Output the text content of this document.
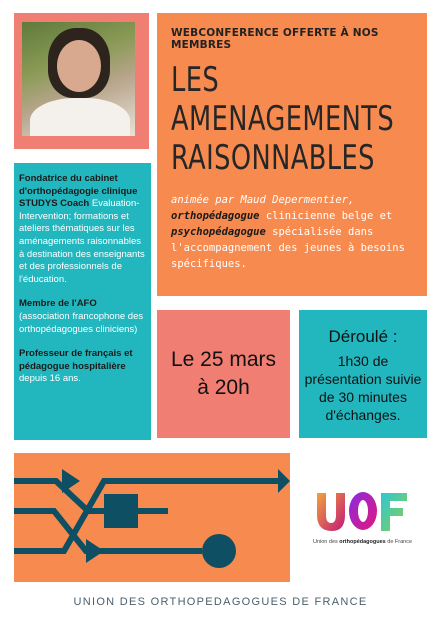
WEBCONFERENCE OFFERTE À NOS MEMBRES
LES
AMENAGEMENTS
RAISONNABLES
animée par Maud Depermentier, orthopédagogue clinicienne belge et psychopédagogue spécialisée dans l'accompagnement des jeunes à besoins spécifiques.

Fondatrice du cabinet d'orthopédagogie clinique STUDYS Coach Evaluation-Intervention; formations et ateliers thématiques sur les aménagements raisonnables à destination des enseignants et des professionnels de l'éducation.

Membre de l'AFO (association francophone des orthopédagogues cliniciens)

Professeur de français et pédagogue hospitalière depuis 16 ans.

Le 25 mars
à 20h
Déroulé :
1h30 de présentation suivie de 30 minutes d'échanges.
Union des orthopédagogues de France
UNION DES ORTHOPEDAGOGUES DE FRANCE
